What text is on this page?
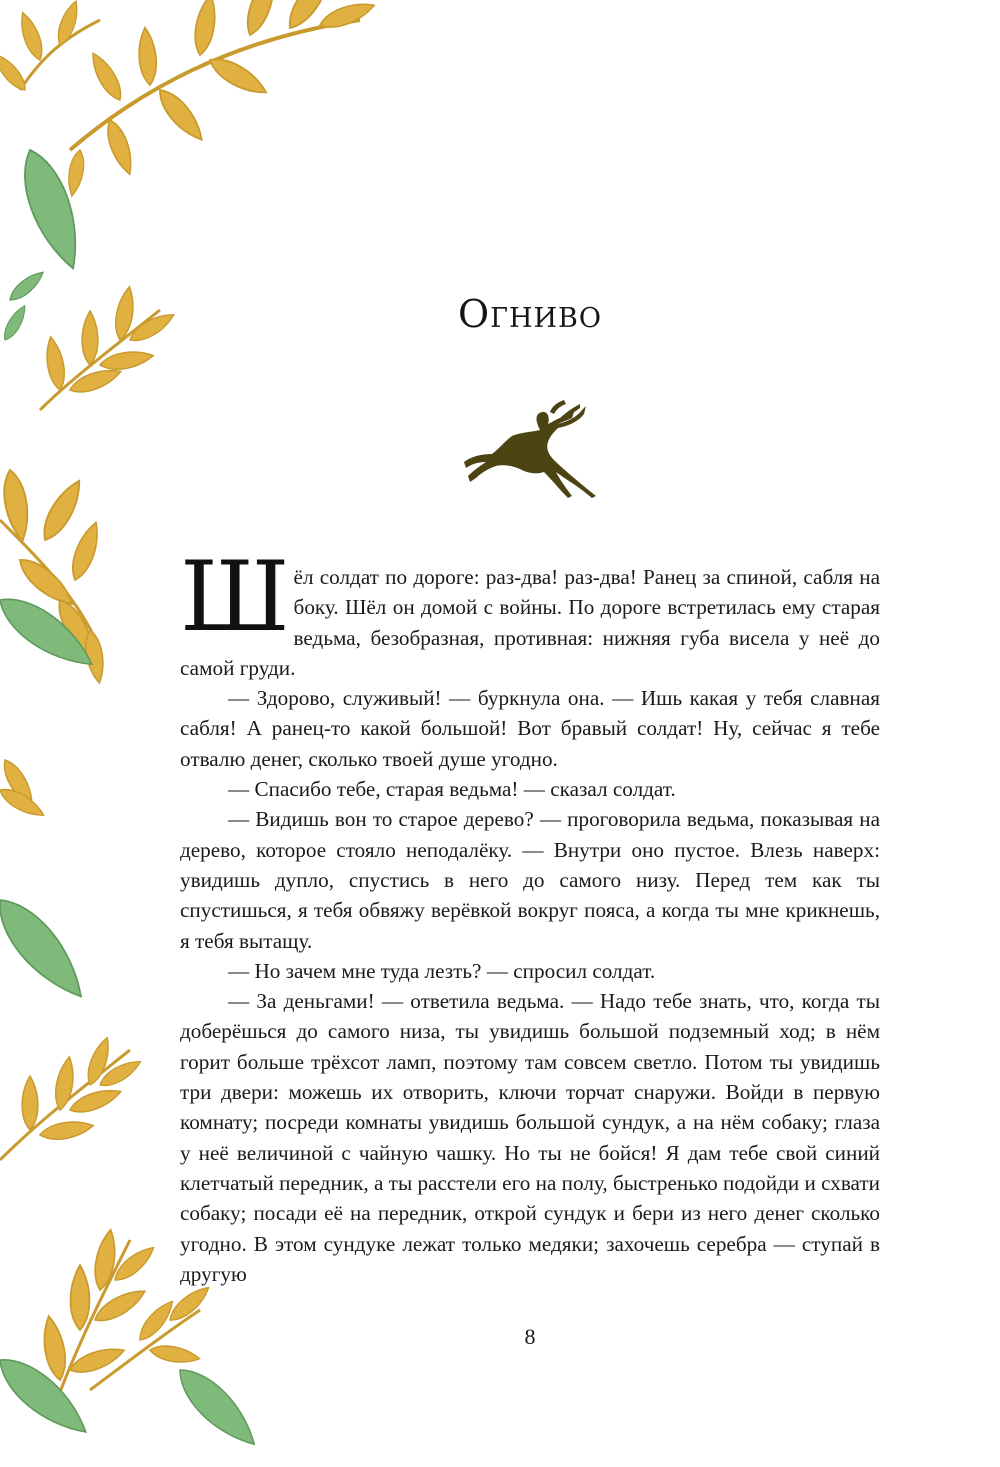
Огниво

Шёл солдат по дороге: раз-два! раз-два! Ранец за спиной, сабля на боку. Шёл он домой с войны. По дороге встретилась ему старая ведьма, безобразная, противная: нижняя губа висела у неё до самой груди.

— Здорово, служивый! — буркнула она. — Ишь какая у тебя славная сабля! А ранец-то какой большой! Вот бравый солдат! Ну, сейчас я тебе отвалю денег, сколько твоей душе угодно.

— Спасибо тебе, старая ведьма! — сказал солдат.

— Видишь вон то старое дерево? — проговорила ведьма, показывая на дерево, которое стояло неподалёку. — Внутри оно пустое. Влезь наверх: увидишь дупло, спустись в него до самого низу. Перед тем как ты спустишься, я тебя обвяжу верёвкой вокруг пояса, а когда ты мне крикнешь, я тебя вытащу.

— Но зачем мне туда лезть? — спросил солдат.

— За деньгами! — ответила ведьма. — Надо тебе знать, что, когда ты доберёшься до самого низа, ты увидишь большой подземный ход; в нём горит больше трёхсот ламп, поэтому там совсем светло. Потом ты увидишь три двери: можешь их отворить, ключи торчат снаружи. Войди в первую комнату; посреди комнаты увидишь большой сундук, а на нём собаку; глаза у неё величиной с чайную чашку. Но ты не бойся! Я дам тебе свой синий клетчатый передник, а ты расстели его на полу, быстренько подойди и схвати собаку; посади её на передник, открой сундук и бери из него денег сколько угодно. В этом сундуке лежат только медяки; захочешь серебра — ступай в другую

8
